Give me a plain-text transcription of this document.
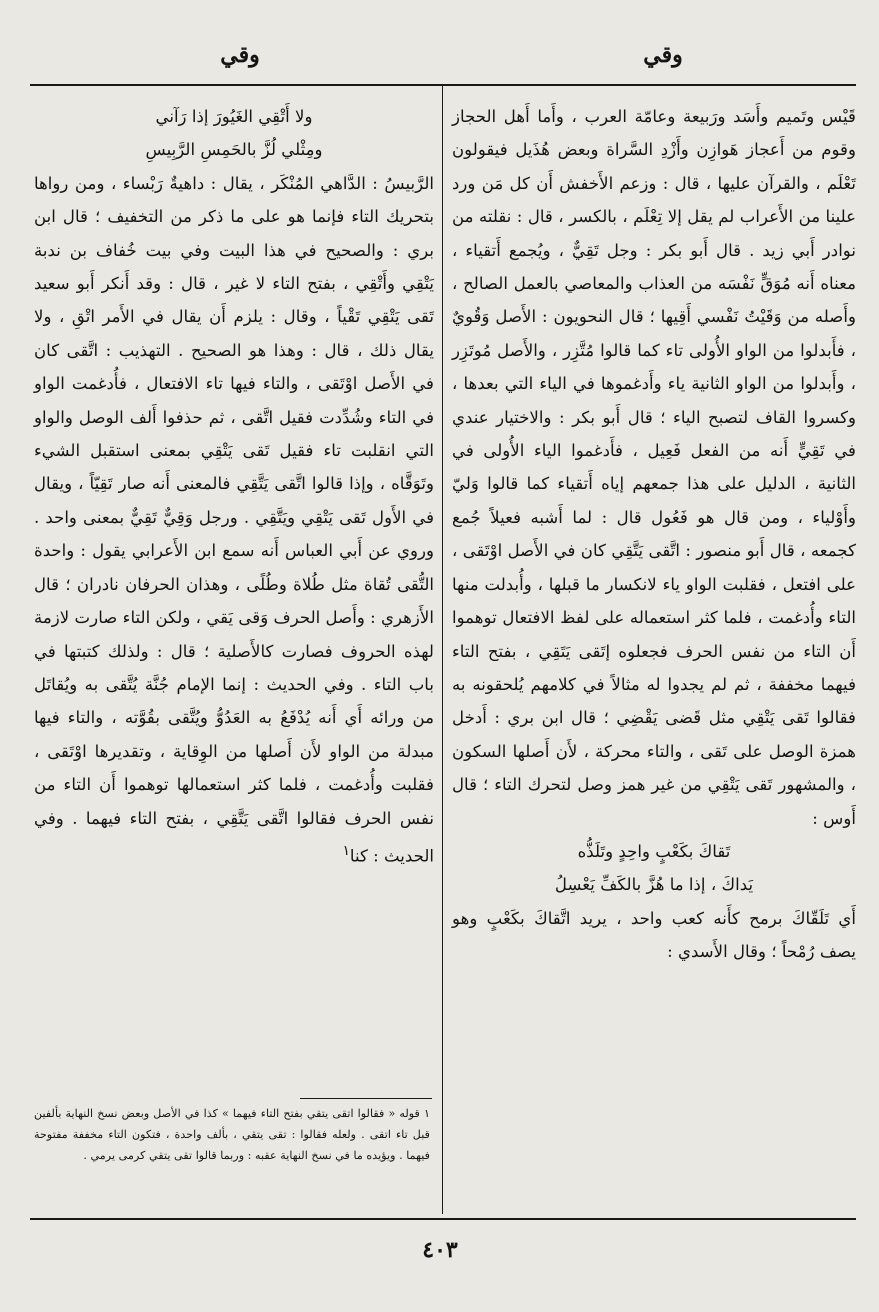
وقي
وقي

قَيْس وتَميم وأَسَد ورَبيعة وعامّة العرب ، وأَما أَهل الحجاز وقوم من أَعجاز هَوازِن وأَزْدِ السَّراة وبعض هُذَيل فيقولون تَعْلَم ، والقرآن عليها ، قال : وزعم الأَخفش أَن كل مَن ورد علينا من الأَعراب لم يقل إلا تِعْلَم ، بالكسر ، قال : نقلته من نوادر أَبي زيد . قال أَبو بكر : وجل تَقِيٌّ ، ويُجمع أَتقياء ، معناه أَنه مُوَقٍّ نَفْسَه من العذاب والمعاصي بالعمل الصالح ، وأَصله من وَقَيْتُ نَفْسي أَقِيها ؛ قال النحويون : الأَصل وَقُويٌ ، فأَبدلوا من الواو الأُولى تاء كما قالوا مُتَّزِر ، والأَصل مُوتَزِر ، وأَبدلوا من الواو الثانية ياء وأَدغموها في الياء التي بعدها ، وكسروا القاف لتصبح الياء ؛ قال أَبو بكر : والاختيار عندي في تَقِيٍّ أَنه من الفعل فَعِيل ، فأَدغموا الياء الأُولى في الثانية ، الدليل على هذا جمعهم إياه أَتقياء كما قالوا وَليّ وأَوْلياء ، ومن قال هو فَعُول قال : لما أَشبه فعيلاً جُمع كجمعه ، قال أَبو منصور : اتَّقى يَتَّقِي كان في الأَصل اوْتَقى ، على افتعل ، فقلبت الواو ياء لانكسار ما قبلها ، وأُبدلت منها التاء وأُدغمت ، فلما كثر استعماله على لفظ الافتعال توهموا أَن التاء من نفس الحرف فجعلوه إتَقى يَتَقِي ، بفتح التاء فيهما مخففة ، ثم لم يجدوا له مثالاً في كلامهم يُلحقونه به فقالوا تَقى يَتْقِي مثل قَضى يَقْضِي ؛ قال ابن بري : أَدخل همزة الوصل على تَقى ، والتاء محركة ، لأَن أَصلها السكون ، والمشهور تَقى يَتْقِي من غير همز وصل لتحرك التاء ؛ قال أَوس :

تَقاكَ بكَعْبٍ واحِدٍ وتَلَذُّه

يَداكَ ، إذا ما هُزَّ بالكَفِّ يَعْسِلُ

أَي تَلَقّاكَ برمح كأَنه كعب واحد ، يريد اتَّقاكَ بكَعْبٍ وهو يصف رُمْحاً ؛ وقال الأَسدي :

ولا أَتْقِي الغَيُورَ إذا رَآني

ومِثْلي لُزَّ بالحَمِسِ الرَّبِيسِ

الرَّبيسُ : الدَّاهي المُنْكَر ، يقال : داهيةٌ رَبْساء ، ومن رواها بتحريك التاء فإنما هو على ما ذكر من التخفيف ؛ قال ابن بري : والصحيح في هذا البيت وفي بيت خُفاف بن ندبة يَتْقِي وأَتْقِي ، بفتح التاء لا غير ، قال : وقد أَنكر أَبو سعيد تَقى يَتْقِي تَقْياً ، وقال : يلزم أَن يقال في الأَمر اتْقِ ، ولا يقال ذلك ، قال : وهذا هو الصحيح . التهذيب : اتَّقى كان في الأَصل اوْتَقى ، والتاء فيها تاء الافتعال ، فأُدغمت الواو في التاء وشُدِّدت فقيل اتَّقى ، ثم حذفوا أَلف الوصل والواو التي انقلبت تاء فقيل تَقى يَتْقِي بمعنى استقبل الشيء وتَوَقَّاه ، وإذا قالوا اتَّقى يَتَّقِي فالمعنى أَنه صار تَقِيّاً ، ويقال في الأَول تَقى يَتْقِي ويَتَّقِي . ورجل وَقِيٌّ تَقِيٌّ بمعنى واحد . وروي عن أَبي العباس أَنه سمع ابن الأَعرابي يقول : واحدة التُّقى تُقاة مثل طُلاة وطُلًى ، وهذان الحرفان نادران ؛ قال الأَزهري : وأَصل الحرف وَقى يَقي ، ولكن التاء صارت لازمة لهذه الحروف فصارت كالأَصلية ؛ قال : ولذلك كتبتها في باب التاء . وفي الحديث : إنما الإمام جُنَّة يُتَّقى به ويُقاتَل من ورائه أَي أَنه يُدْفَعُ به العَدُوُّ ويُتَّقى بقُوَّته ، والتاء فيها مبدلة من الواو لأَن أَصلها من الوِقاية ، وتقديرها اوْتَقى ، فقلبت وأُدغمت ، فلما كثر استعمالها توهموا أَن التاء من نفس الحرف فقالوا اتَّقى يَتَّقِي ، بفتح التاء فيهما . وفي الحديث : كنا$^١$

١ قوله « فقالوا اتقى يتقي بفتح التاء فيهما » كذا في الأصل وبعض نسخ النهاية بألفين قبل تاء اتقى . ولعله فقالوا : تقى يتقي ، بألف واحدة ، فتكون التاء مخففة مفتوحة فيهما . ويؤيده ما في نسخ النهاية عقبه : وربما قالوا تقى يتقي كرمى يرمي .

٤٠٣
